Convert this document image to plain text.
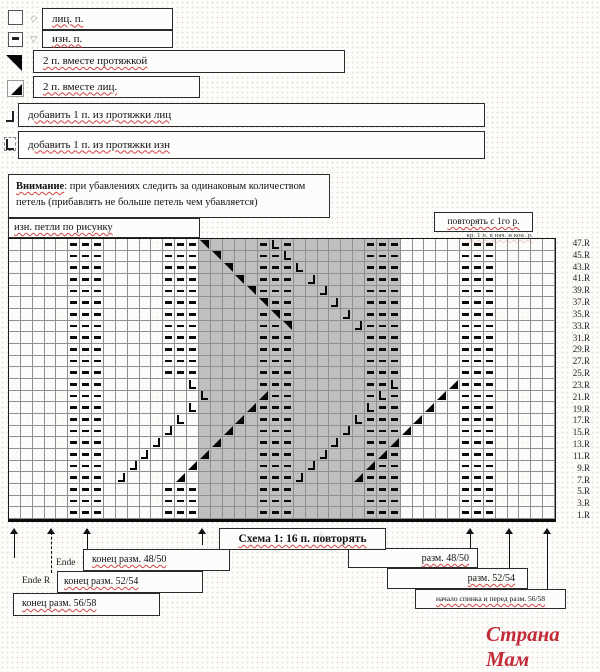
◇ лиц. п.
▽ изн. п.
2 п. вместе протяжкой
2 п. вместе лиц.
добавить 1 п. из протяжки лиц
добавить 1 п. из протяжки изн
Внимание: при убавлениях следить за одинаковым количеством петель (прибавлять не больше петель чем убавляется)
изн. петли по рисунку	повторять с 1го р.
кр. 1 п. в нач. и кон. р.
47.R
45.R
43.R
41.R
39.R
37.R
35.R
33.R
31.R
29.R
27.R
25.R
23.R
21.R
19.R
17.R
15.R
13.R
11.R
9.R
7.R
5.R
3.R
1.R
Ende
Ende R
Схема 1: 16 п. повторять
конец разм. 48/50
конец разм. 52/54
конец разм. 56/58
разм. 48/50
разм. 52/54
начало спинка и перед разм. 56/58
Страна Мам
